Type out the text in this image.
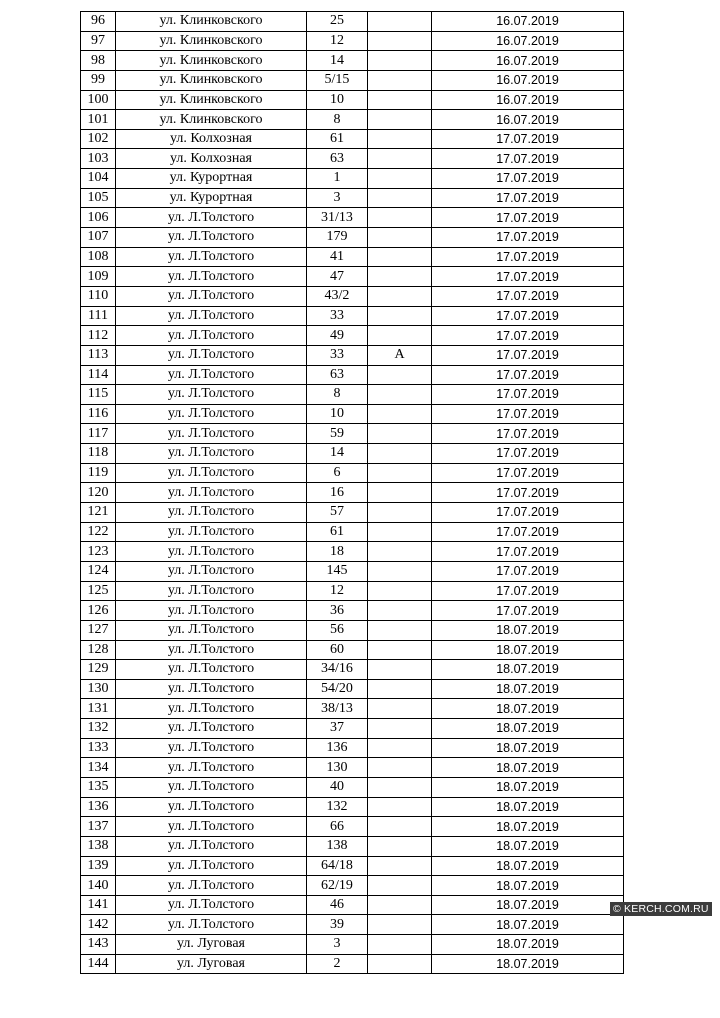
96	ул. Клинковского	25		16.07.2019
97	ул. Клинковского	12		16.07.2019
98	ул. Клинковского	14		16.07.2019
99	ул. Клинковского	5/15		16.07.2019
100	ул. Клинковского	10		16.07.2019
101	ул. Клинковского	8		16.07.2019
102	ул. Колхозная	61		17.07.2019
103	ул. Колхозная	63		17.07.2019
104	ул. Курортная	1		17.07.2019
105	ул. Курортная	3		17.07.2019
106	ул. Л.Толстого	31/13		17.07.2019
107	ул. Л.Толстого	179		17.07.2019
108	ул. Л.Толстого	41		17.07.2019
109	ул. Л.Толстого	47		17.07.2019
110	ул. Л.Толстого	43/2		17.07.2019
111	ул. Л.Толстого	33		17.07.2019
112	ул. Л.Толстого	49		17.07.2019
113	ул. Л.Толстого	33	А	17.07.2019
114	ул. Л.Толстого	63		17.07.2019
115	ул. Л.Толстого	8		17.07.2019
116	ул. Л.Толстого	10		17.07.2019
117	ул. Л.Толстого	59		17.07.2019
118	ул. Л.Толстого	14		17.07.2019
119	ул. Л.Толстого	6		17.07.2019
120	ул. Л.Толстого	16		17.07.2019
121	ул. Л.Толстого	57		17.07.2019
122	ул. Л.Толстого	61		17.07.2019
123	ул. Л.Толстого	18		17.07.2019
124	ул. Л.Толстого	145		17.07.2019
125	ул. Л.Толстого	12		17.07.2019
126	ул. Л.Толстого	36		17.07.2019
127	ул. Л.Толстого	56		18.07.2019
128	ул. Л.Толстого	60		18.07.2019
129	ул. Л.Толстого	34/16		18.07.2019
130	ул. Л.Толстого	54/20		18.07.2019
131	ул. Л.Толстого	38/13		18.07.2019
132	ул. Л.Толстого	37		18.07.2019
133	ул. Л.Толстого	136		18.07.2019
134	ул. Л.Толстого	130		18.07.2019
135	ул. Л.Толстого	40		18.07.2019
136	ул. Л.Толстого	132		18.07.2019
137	ул. Л.Толстого	66		18.07.2019
138	ул. Л.Толстого	138		18.07.2019
139	ул. Л.Толстого	64/18		18.07.2019
140	ул. Л.Толстого	62/19		18.07.2019
141	ул. Л.Толстого	46		18.07.2019
142	ул. Л.Толстого	39		18.07.2019
143	ул. Луговая	3		18.07.2019
144	ул. Луговая	2		18.07.2019
© KERCH.COM.RU
